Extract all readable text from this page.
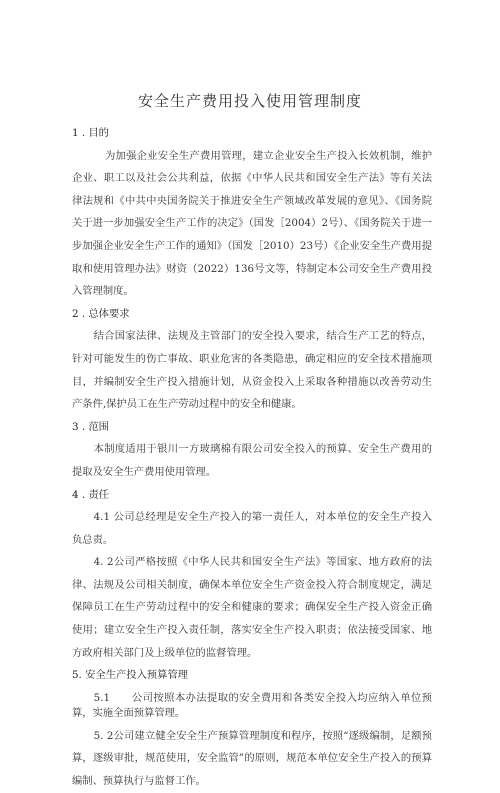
安全生产费用投入使用管理制度

1 . 目的

为加强企业安全生产费用管理，建立企业安全生产投入长效机制，维护企业、职工以及社会公共利益，依据《中华人民共和国安全生产法》等有关法律法规和《中共中央国务院关于推进安全生产领域改革发展的意见》、《国务院关于进一步加强安全生产工作的决定》（国发［2004）2号）、《国务院关于进一步加强企业安全生产工作的通知》（国发［2010）23号）《企业安全生产费用提取和使用管理办法》财资（2022）136号文等，特制定本公司安全生产费用投入管理制度。

2 . 总体要求

结合国家法律、法规及主管部门的安全投入要求，结合生产工艺的特点，针对可能发生的伤亡事故、职业危害的各类隐患，确定相应的安全技术措施项目，并编制安全生产投入措施计划，从资金投入上采取各种措施以改善劳动生产条件,保护员工在生产劳动过程中的安全和健康。

3 . 范围

本制度适用于银川一方玻璃棉有限公司安全投入的预算、安全生产费用的提取及安全生产费用使用管理。

4 . 责任

4.1 公司总经理是安全生产投入的第一责任人，对本单位的安全生产投入负总责。

4. 2公司严格按照《中华人民共和国安全生产法》等国家、地方政府的法律、法规及公司相关制度，确保本单位安全生产资金投入符合制度规定，满足保障员工在生产劳动过程中的安全和健康的要求；确保安全生产投入资金正确使用；建立安全生产投入责任制，落实安全生产投入职责；依法接受国家、地方政府相关部门及上级单位的监督管理。

5. 安全生产投入预算管理

5.1　　公司按照本办法提取的安全费用和各类安全投入均应纳入单位预算，实施全面预算管理。

5. 2公司建立健全安全生产预算管理制度和程序，按照“逐级编制，足额预算，逐级审批，规范使用，安全监管”的原则，规范本单位安全生产投入的预算编制、预算执行与监督工作。
